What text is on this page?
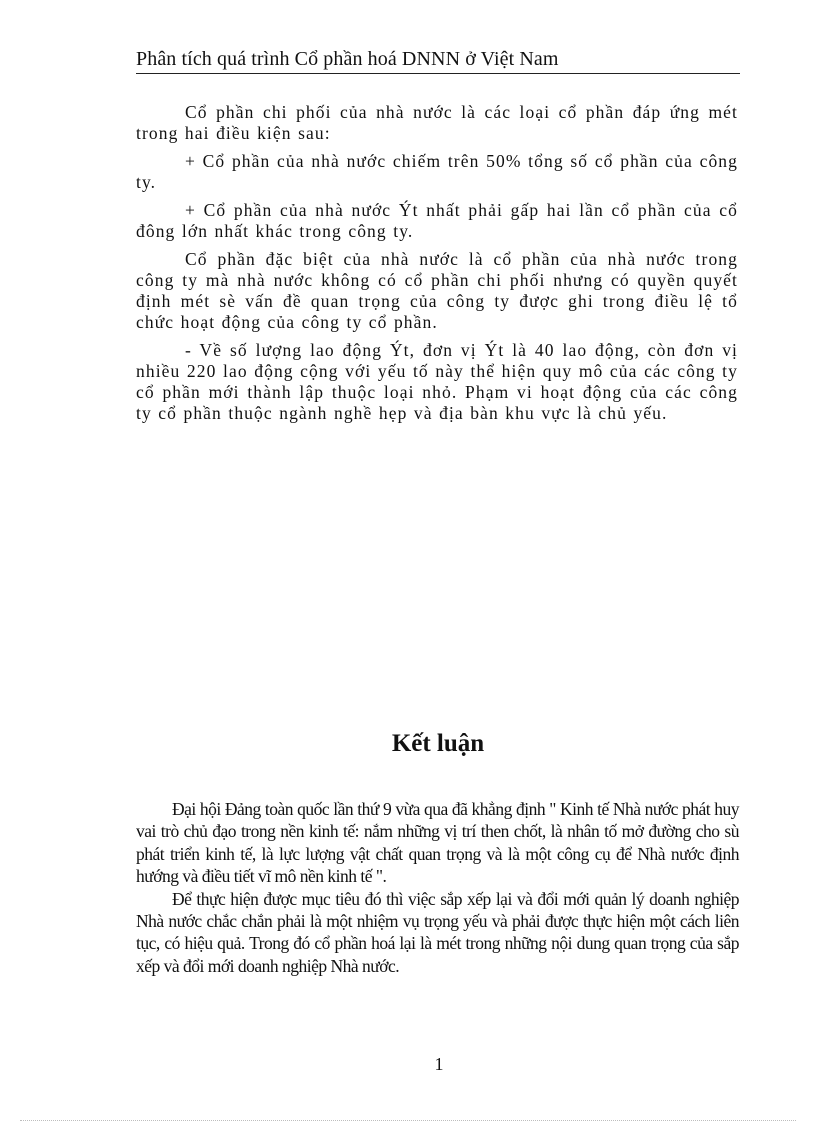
Phân tích quá trình Cổ phần hoá DNNN ở Việt Nam

Cổ phần chi phối của nhà nước là các loại cổ phần đáp ứng mét trong hai điều kiện sau:

+ Cổ phần của nhà nước chiếm trên 50% tổng số cổ phần của công ty.

+ Cổ phần của nhà nước Ýt nhất phải gấp hai lần cổ phần của cổ đông lớn nhất khác trong công ty.

Cổ phần đặc biệt của nhà nước là cổ phần của nhà nước trong công ty mà nhà nước không có cổ phần chi phối nhưng có quyền quyết định mét sè vấn đề quan trọng của công ty được ghi trong điều lệ tổ chức hoạt động của công ty cổ phần.

- Về số lượng lao động Ýt, đơn vị Ýt là 40 lao động, còn đơn vị nhiều 220 lao động cộng với yếu tố này thể hiện quy mô của các công ty cổ phần mới thành lập thuộc loại nhỏ. Phạm vi hoạt động của các công ty cổ phần thuộc ngành nghề hẹp và địa bàn khu vực là chủ yếu.

Kết luận

Đại hội Đảng toàn quốc lần thứ 9 vừa qua đã khẳng định " Kinh tế Nhà nước phát huy vai trò chủ đạo trong nền kinh tế: nắm những vị trí then chốt, là nhân tố mở đường cho sù phát triển kinh tế, là lực lượng vật chất quan trọng và là một công cụ để Nhà nước định hướng và điều tiết vĩ mô nền kinh tế ".

Để thực hiện được mục tiêu đó thì việc sắp xếp lại và đổi mới quản lý doanh nghiệp Nhà nước chắc chắn phải là một nhiệm vụ trọng yếu và phải được thực hiện một cách liên tục, có hiệu quả. Trong đó cổ phần hoá lại là mét trong những nội dung quan trọng của sắp xếp và đổi mới doanh nghiệp Nhà nước.

1
